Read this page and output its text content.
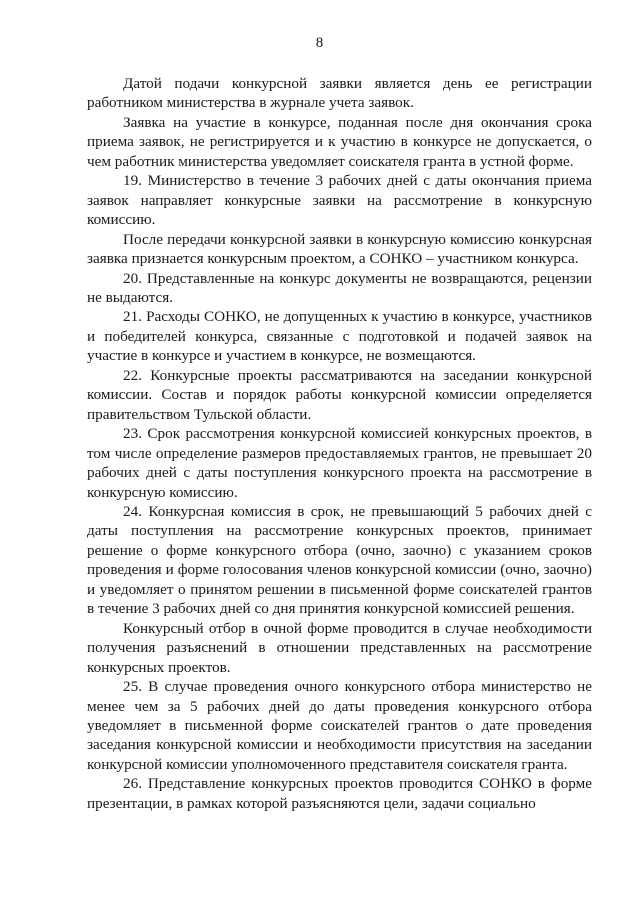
8

Датой подачи конкурсной заявки является день ее регистрации работником министерства в журнале учета заявок.

Заявка на участие в конкурсе, поданная после дня окончания срока приема заявок, не регистрируется и к участию в конкурсе не допускается, о чем работник министерства уведомляет соискателя гранта в устной форме.

19. Министерство в течение 3 рабочих дней с даты окончания приема заявок направляет конкурсные заявки на рассмотрение в конкурсную комиссию.

После передачи конкурсной заявки в конкурсную комиссию конкурсная заявка признается конкурсным проектом, а СОНКО – участником конкурса.

20. Представленные на конкурс документы не возвращаются, рецензии не выдаются.

21. Расходы СОНКО, не допущенных к участию в конкурсе, участников и победителей конкурса, связанные с подготовкой и подачей заявок на участие в конкурсе и участием в конкурсе, не возмещаются.

22. Конкурсные проекты рассматриваются на заседании конкурсной комиссии. Состав и порядок работы конкурсной комиссии определяется правительством Тульской области.

23. Срок рассмотрения конкурсной комиссией конкурсных проектов, в том числе определение размеров предоставляемых грантов, не превышает 20 рабочих дней с даты поступления конкурсного проекта на рассмотрение в конкурсную комиссию.

24. Конкурсная комиссия в срок, не превышающий 5 рабочих дней с даты поступления на рассмотрение конкурсных проектов, принимает решение о форме конкурсного отбора (очно, заочно) с указанием сроков проведения и форме голосования членов конкурсной комиссии (очно, заочно) и уведомляет о принятом решении в письменной форме соискателей грантов в течение 3 рабочих дней со дня принятия конкурсной комиссией решения.

Конкурсный отбор в очной форме проводится в случае необходимости получения разъяснений в отношении представленных на рассмотрение конкурсных проектов.

25. В случае проведения очного конкурсного отбора министерство не менее чем за 5 рабочих дней до даты проведения конкурсного отбора уведомляет в письменной форме соискателей грантов о дате проведения заседания конкурсной комиссии и необходимости присутствия на заседании конкурсной комиссии уполномоченного представителя соискателя гранта.

26. Представление конкурсных проектов проводится СОНКО в форме презентации, в рамках которой разъясняются цели, задачи социально
